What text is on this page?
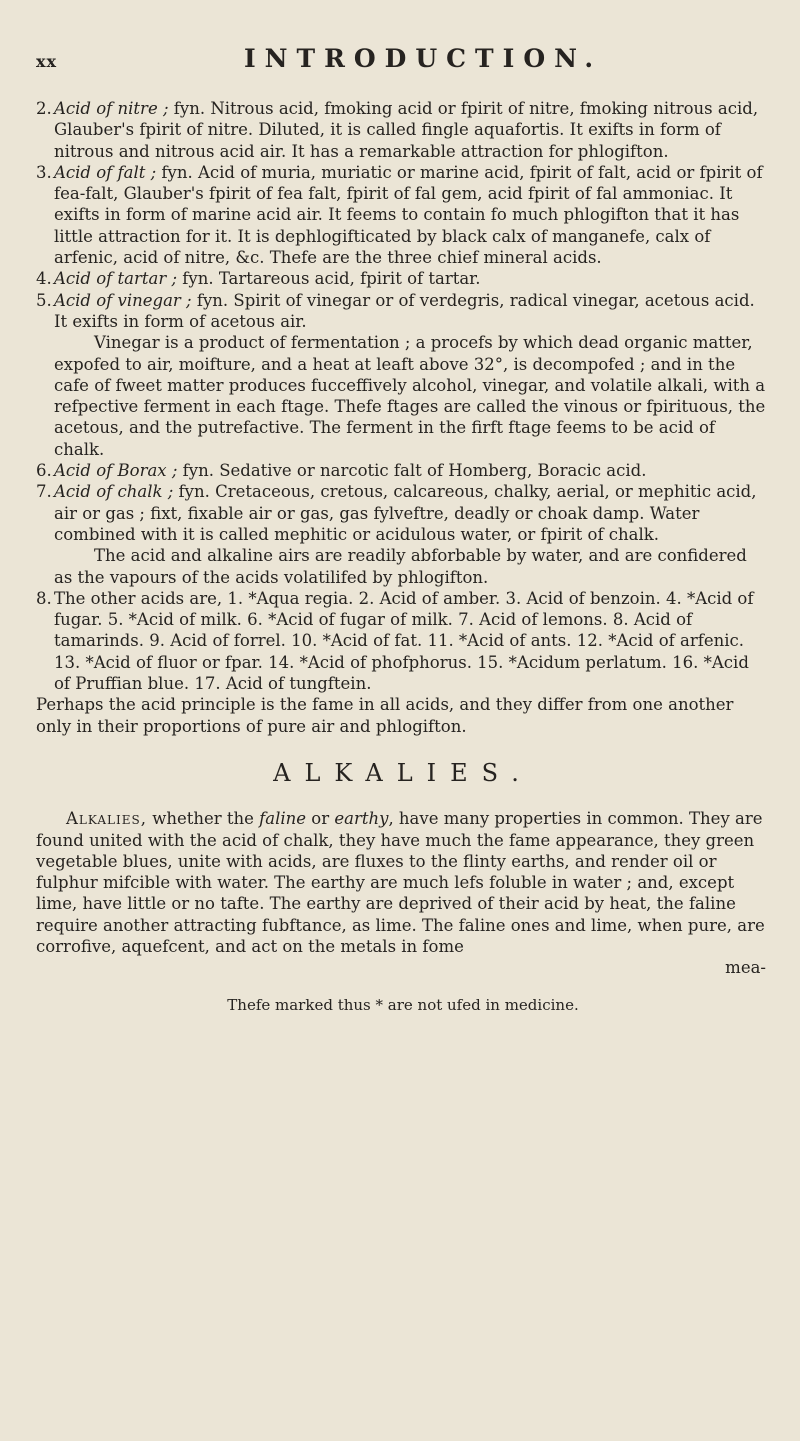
xx	INTRODUCTION.
2. Acid of nitre ; fyn. Nitrous acid, fmoking acid or fpirit of nitre, fmoking nitrous acid, Glauber's fpirit of nitre. Diluted, it is called fingle aquafortis. It exifts in form of nitrous and nitrous acid air. It has a remarkable attraction for phlogifton.
3. Acid of falt ; fyn. Acid of muria, muriatic or marine acid, fpirit of falt, acid or fpirit of fea-falt, Glauber's fpirit of fea falt, fpirit of fal gem, acid fpirit of fal ammoniac. It exifts in form of marine acid air. It feems to contain fo much phlogifton that it has little attraction for it. It is dephlogifticated by black calx of manganefe, calx of arfenic, acid of nitre, &c. Thefe are the three chief mineral acids.
4. Acid of tartar ; fyn. Tartareous acid, fpirit of tartar.
5. Acid of vinegar ; fyn. Spirit of vinegar or of verdegris, radical vinegar, acetous acid. It exifts in form of acetous air.

Vinegar is a product of fermentation ; a procefs by which dead organic matter, expofed to air, moifture, and a heat at leaft above 32°, is decompofed ; and in the cafe of fweet matter produces fucceffively alcohol, vinegar, and volatile alkali, with a refpective ferment in each ftage. Thefe ftages are called the vinous or fpirituous, the acetous, and the putrefactive. The ferment in the firft ftage feems to be acid of chalk.

6. Acid of Borax ; fyn. Sedative or narcotic falt of Homberg, Boracic acid.
7. Acid of chalk ; fyn. Cretaceous, cretous, calcareous, chalky, aerial, or mephitic acid, air or gas ; fixt, fixable air or gas, gas fylveftre, deadly or choak damp. Water combined with it is called mephitic or acidulous water, or fpirit of chalk.

The acid and alkaline airs are readily abforbable by water, and are confidered as the vapours of the acids volatilifed by phlogifton.

8. The other acids are, 1. *Aqua regia. 2. Acid of amber. 3. Acid of benzoin. 4. *Acid of fugar. 5. *Acid of milk. 6. *Acid of fugar of milk. 7. Acid of lemons. 8. Acid of tamarinds. 9. Acid of forrel. 10. *Acid of fat. 11. *Acid of ants. 12. *Acid of arfenic. 13. *Acid of fluor or fpar. 14. *Acid of phofphorus. 15. *Acidum perlatum. 16. *Acid of Pruffian blue. 17. Acid of tungftein.

Perhaps the acid principle is the fame in all acids, and they differ from one another only in their proportions of pure air and phlogifton.

ALKALIES.

Alkalies, whether the faline or earthy, have many properties in common. They are found united with the acid of chalk, they have much the fame appearance, they green vegetable blues, unite with acids, are fluxes to the flinty earths, and render oil or fulphur mifcible with water. The earthy are much lefs foluble in water ; and, except lime, have little or no tafte. The earthy are deprived of their acid by heat, the faline require another attracting fubftance, as lime. The faline ones and lime, when pure, are corrofive, aquefcent, and act on the metals in fome

mea-

Thefe marked thus * are not ufed in medicine.
